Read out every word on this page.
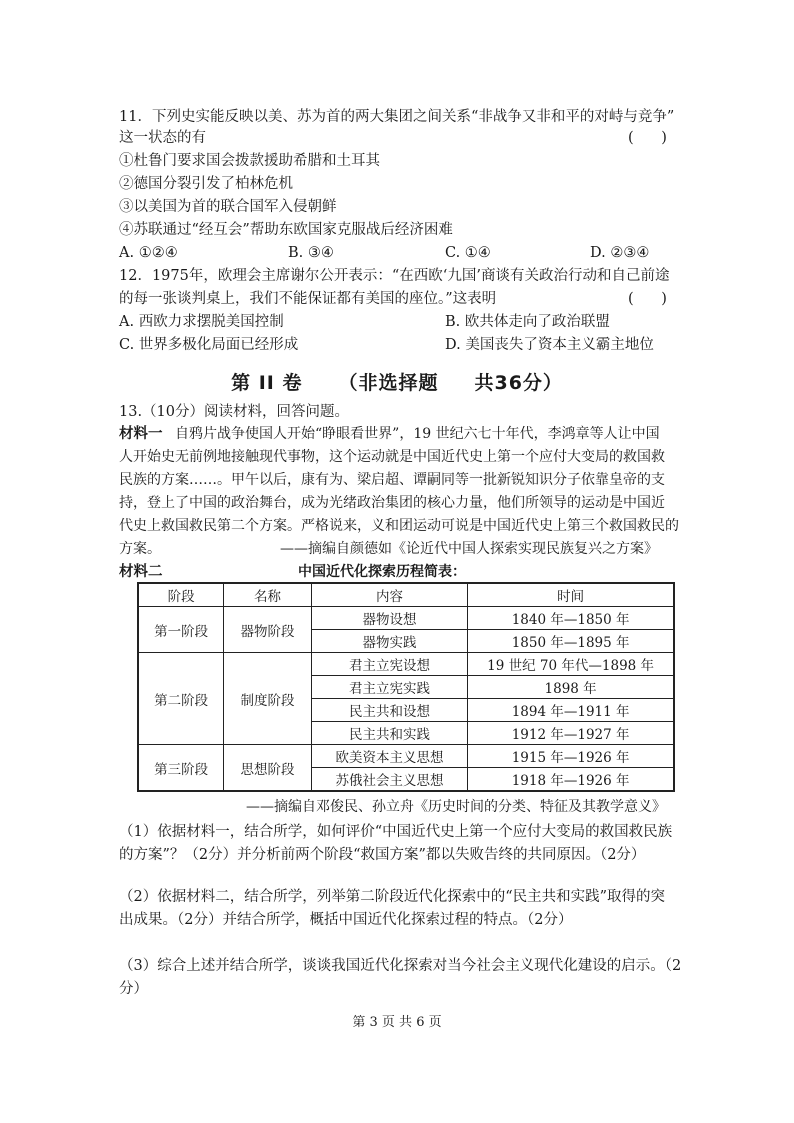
11．下列史实能反映以美、苏为首的两大集团之间关系“非战争又非和平的对峙与竞争”
这一状态的有	(      )
①杜鲁门要求国会拨款援助希腊和土耳其
②德国分裂引发了柏林危机
③以美国为首的联合国军入侵朝鲜
④苏联通过“经互会”帮助东欧国家克服战后经济困难
A. ①②④	B. ③④	C. ①④	D. ②③④
12．1975年，欧理会主席谢尔公开表示：“在西欧‘九国’商谈有关政治行动和自己前途
的每一张谈判桌上，我们不能保证都有美国的座位。”这表明	(      )
A. 西欧力求摆脱美国控制	B. 欧共体走向了政治联盟
C. 世界多极化局面已经形成	D. 美国丧失了资本主义霸主地位
第 II 卷 （非选择题 共36分）
13.（10分）阅读材料，回答问题。
材料一 自鸦片战争使国人开始“睁眼看世界”，19 世纪六七十年代，李鸿章等人让中国
人开始史无前例地接触现代事物，这个运动就是中国近代史上第一个应付大变局的救国救
民族的方案……。甲午以后，康有为、梁启超、谭嗣同等一批新锐知识分子依靠皇帝的支
持，登上了中国的政治舞台，成为光绪政治集团的核心力量，他们所领导的运动是中国近
代史上救国救民第二个方案。严格说来，义和团运动可说是中国近代史上第三个救国救民的
方案。	——摘编自颜德如《论近代中国人探索实现民族复兴之方案》
材料二	中国近代化探索历程简表：
阶段	名称	内容	时间
第一阶段	器物阶段	器物设想	1840 年—1850 年
		器物实践	1850 年—1895 年
第二阶段	制度阶段	君主立宪设想	19 世纪 70 年代—1898 年
		君主立宪实践	1898 年
		民主共和设想	1894 年—1911 年
		民主共和实践	1912 年—1927 年
第三阶段	思想阶段	欧美资本主义思想	1915 年—1926 年
		苏俄社会主义思想	1918 年—1926 年
——摘编自邓俊民、孙立舟《历史时间的分类、特征及其教学意义》
（1）依据材料一，结合所学，如何评价“中国近代史上第一个应付大变局的救国救民族
的方案”？（2分）并分析前两个阶段“救国方案”都以失败告终的共同原因。（2分）
（2）依据材料二，结合所学，列举第二阶段近代化探索中的“民主共和实践”取得的突
出成果。（2分）并结合所学，概括中国近代化探索过程的特点。（2分）
（3）综合上述并结合所学，谈谈我国近代化探索对当今社会主义现代化建设的启示。（2
分）
第 3 页 共 6 页
